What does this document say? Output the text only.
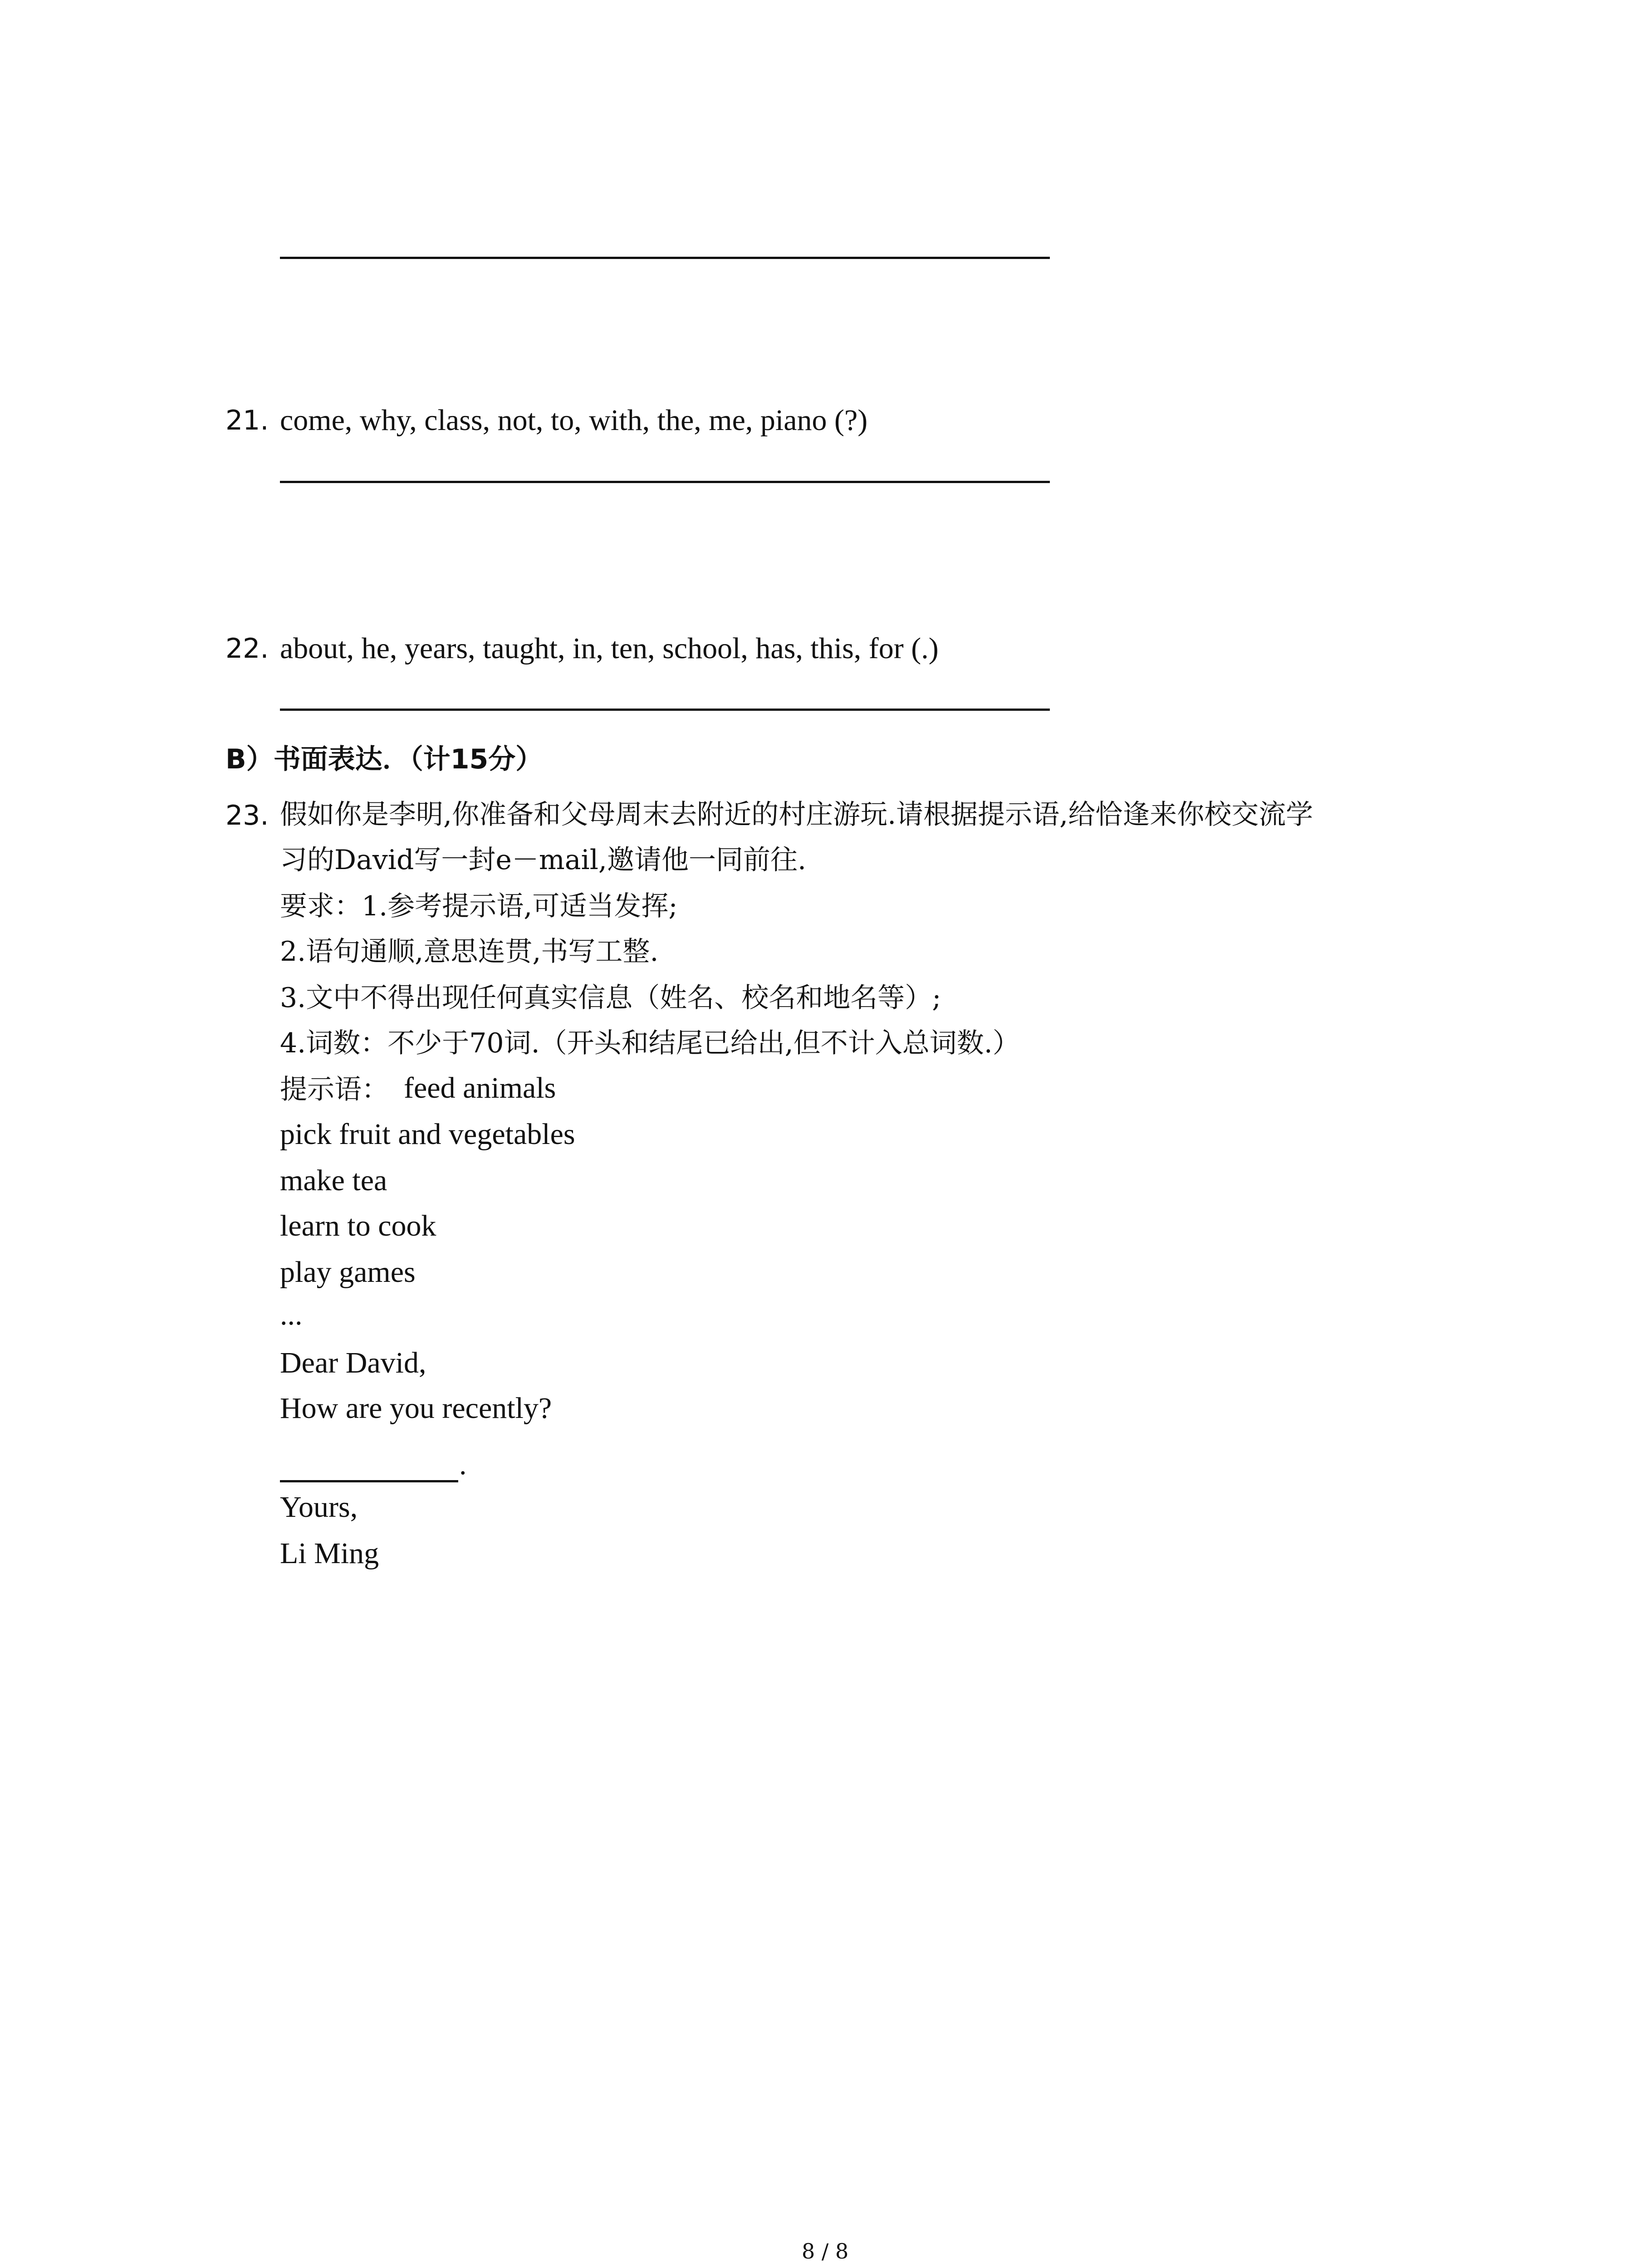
21. come, why, class, not, to, with, the, me, piano (?)
22. about, he, years, taught, in, ten, school, has, this, for (.)
B）书面表达．（计15分）
23. 假如你是李明,你准备和父母周末去附近的村庄游玩.请根据提示语,给恰逢来你校交流学
习的David写一封e－mail,邀请他一同前往.
要求：1.参考提示语,可适当发挥;
2.语句通顺,意思连贯,书写工整.
3.文中不得出现任何真实信息（姓名、校名和地名等）;
4.词数：不少于70词.（开头和结尾已给出,但不计入总词数.）
提示语： feed animals
pick fruit and vegetables
make tea
learn to cook
play games
...
Dear David,
How are you recently?
.
Yours,
Li Ming
8 / 8
